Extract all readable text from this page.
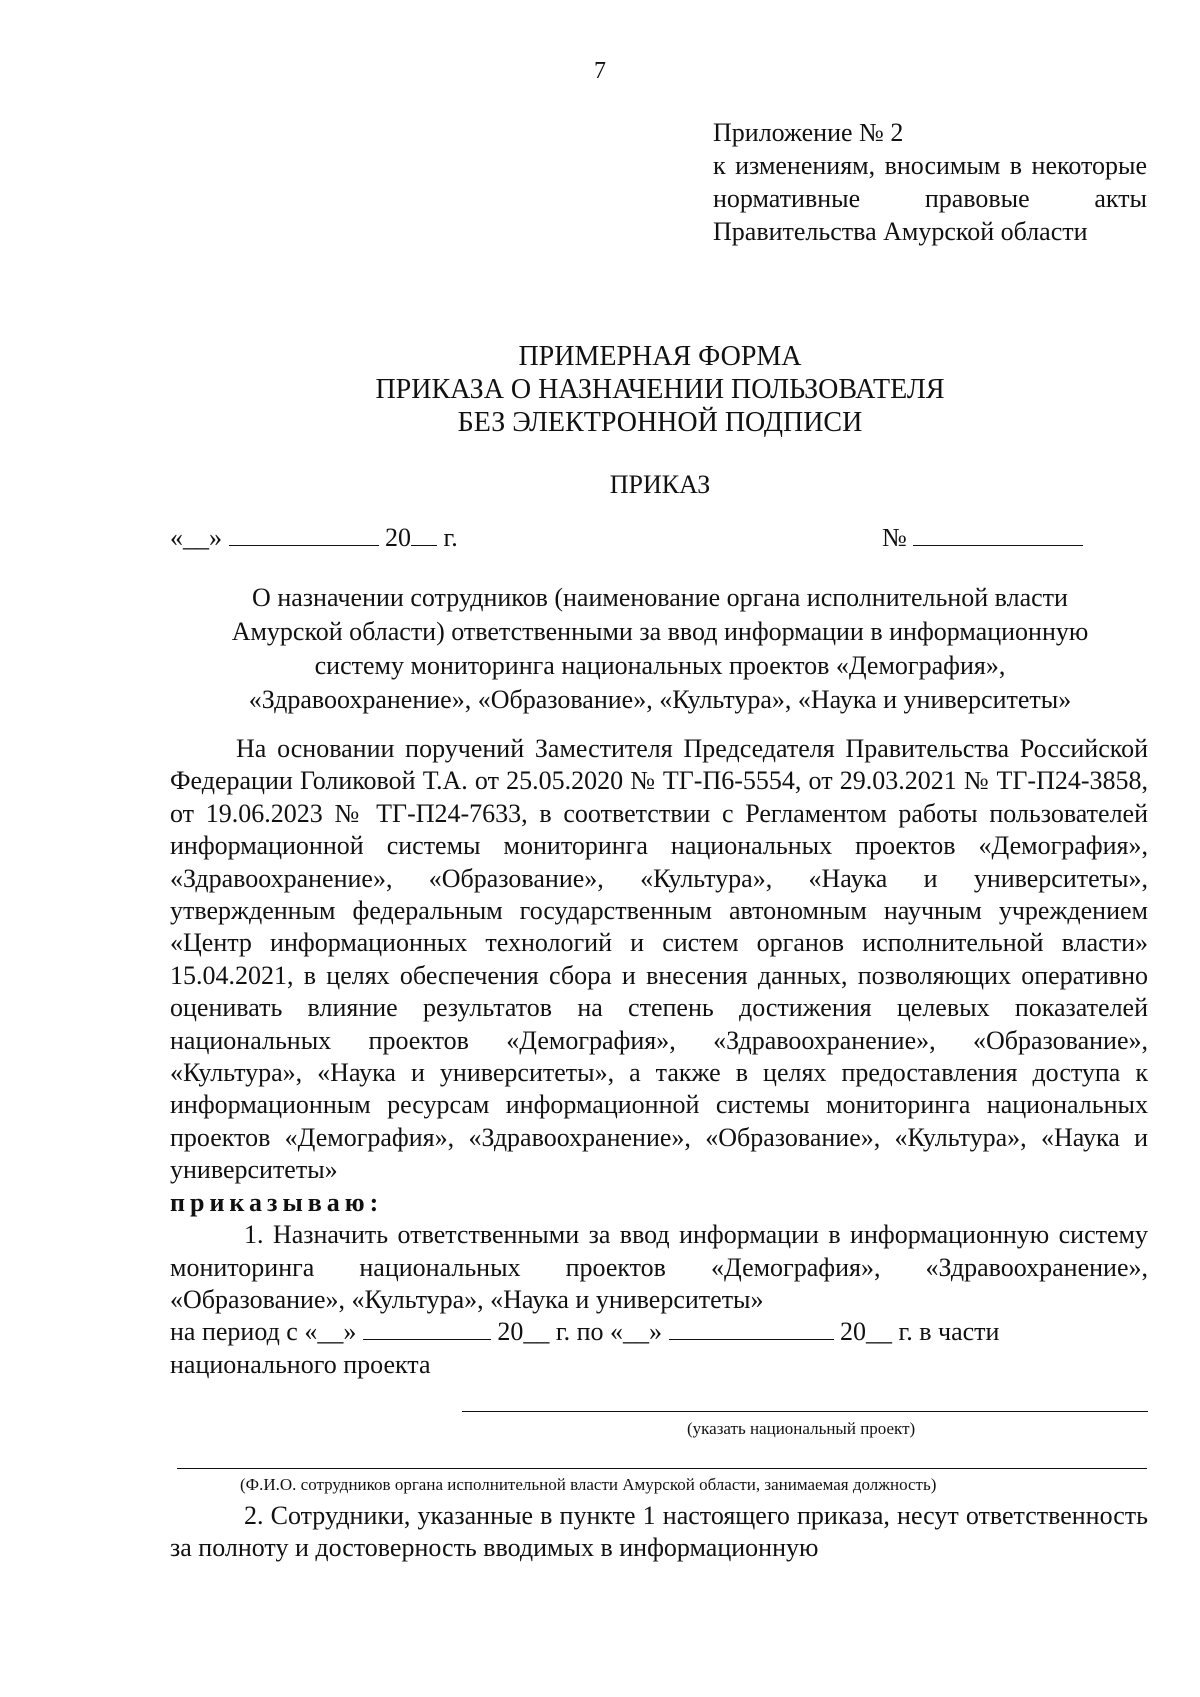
7
Приложение № 2
к изменениям, вносимым в некоторые нормативные правовые акты Правительства Амурской области
ПРИМЕРНАЯ ФОРМА
ПРИКАЗА О НАЗНАЧЕНИИ ПОЛЬЗОВАТЕЛЯ
БЕЗ ЭЛЕКТРОННОЙ ПОДПИСИ
ПРИКАЗ
«__»	20 г.	№
О назначении сотрудников (наименование органа исполнительной власти
Амурской области) ответственными за ввод информации в информационную
систему мониторинга национальных проектов «Демография»,
«Здравоохранение», «Образование», «Культура», «Наука и университеты»

На основании поручений Заместителя Председателя Правительства Российской Федерации Голиковой Т.А. от 25.05.2020 № ТГ-П6-5554, от 29.03.2021 № ТГ-П24-3858, от 19.06.2023 № ТГ-П24-7633, в соответствии с Регламентом работы пользователей информационной системы мониторинга национальных проектов «Демография», «Здравоохранение», «Образование», «Культура», «Наука и университеты», утвержденным федеральным государственным автономным научным учреждением «Центр информационных технологий и систем органов исполнительной власти» 15.04.2021, в целях обеспечения сбора и внесения данных, позволяющих оперативно оценивать влияние результатов на степень достижения целевых показателей национальных проектов «Демография», «Здравоохранение», «Образование», «Культура», «Наука и университеты», а также в целях предоставления доступа к информационным ресурсам информационной системы мониторинга национальных проектов «Демография», «Здравоохранение», «Образование», «Культура», «Наука и университеты»

приказываю:

1. Назначить ответственными за ввод информации в информационную систему мониторинга национальных проектов «Демография», «Здравоохранение», «Образование», «Культура», «Наука и университеты»

на период с «__»	20__ г. по «__»	20__ г. в части

национального проекта

(указать национальный проект)
(Ф.И.О. сотрудников органа исполнительной власти Амурской области, занимаемая должность)

2. Сотрудники, указанные в пункте 1 настоящего приказа, несут ответственность за полноту и достоверность вводимых в информационную
